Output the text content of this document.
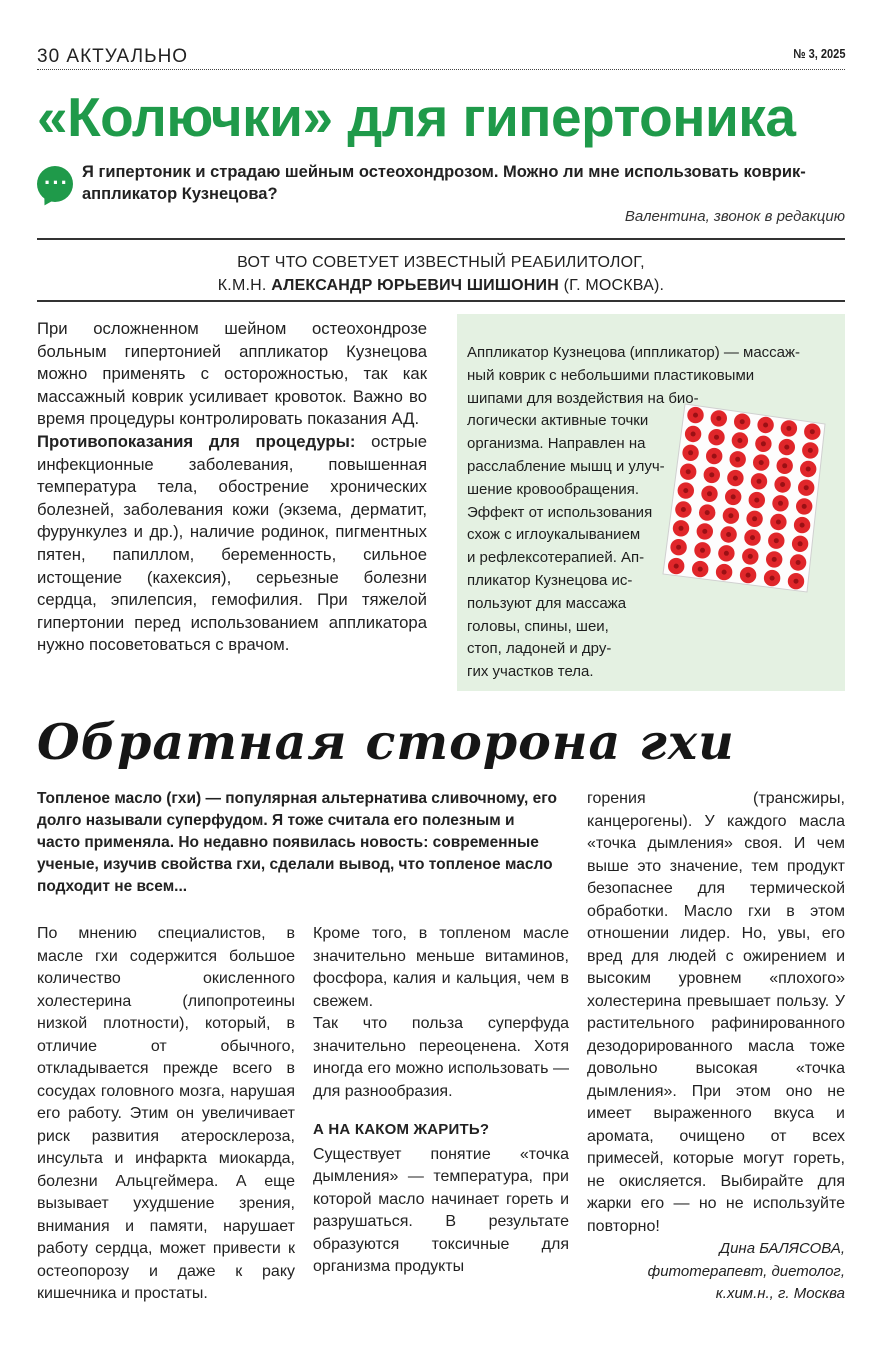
30 АКТУАЛЬНО	№ 3, 2025
«Колючки» для гипертоника
··· Я гипертоник и страдаю шейным остеохондрозом. Можно ли мне использовать коврик-аппликатор Кузнецова?
Валентина, звонок в редакцию
ВОТ ЧТО СОВЕТУЕТ ИЗВЕСТНЫЙ РЕАБИЛИТОЛОГ,
К.М.Н. АЛЕКСАНДР ЮРЬЕВИЧ ШИШОНИН (Г. МОСКВА).

При осложненном шейном остеохондрозе больным гипертонией аппликатор Кузнецова можно применять с осторожностью, так как массажный коврик усиливает кровоток. Важно во время процедуры контролировать показания АД.

Противопоказания для процедуры: острые инфекционные заболевания, повышенная температура тела, обострение хронических болезней, заболевания кожи (экзема, дерматит, фурункулез и др.), наличие родинок, пигментных пятен, папиллом, беременность, сильное истощение (кахексия), серьезные болезни сердца, эпилепсия, гемофилия. При тяжелой гипертонии перед использованием аппликатора нужно посоветоваться с врачом.

Аппликатор Кузнецова (иппликатор) — массаж-
ный коврик с небольшими пластиковыми
шипами для воздействия на био-
логически активные точки
организма. Направлен на
расслабление мышц и улуч-
шение кровообращения.
Эффект от использования
схож с иглоукалыванием
и рефлексотерапией. Ап-
пликатор Кузнецова ис-
пользуют для массажа
головы, спины, шеи,
стоп, ладоней и дру-
гих участков тела.
Обратная сторона гхи
Топленое масло (гхи) — популярная альтернатива сливочному, его долго называли суперфудом. Я тоже считала его полезным и часто применяла. Но недавно появилась новость: современные ученые, изучив свойства гхи, сделали вывод, что топленое масло подходит не всем...
По мнению специалистов, в масле гхи содержится большое количество окисленного холестерина (липопротеины низкой плотности), который, в отличие от обычного, откладывается прежде всего в сосудах головного мозга, нарушая его работу. Этим он увеличивает риск развития атеросклероза, инсульта и инфаркта миокарда, болезни Альцгеймера. А еще вызывает ухудшение зрения, внимания и памяти, нарушает работу сердца, может привести к остеопорозу и даже к раку кишечника и простаты.

Кроме того, в топленом масле значительно меньше витаминов, фосфора, калия и кальция, чем в свежем.

Так что польза суперфуда значительно переоценена. Хотя иногда его можно использовать — для разнообразия.

А НА КАКОМ ЖАРИТЬ?

Существует понятие «точка дымления» — температура, при которой масло начинает гореть и разрушаться. В результате образуются токсичные для организма продукты

горения (трансжиры, канцерогены). У каждого масла «точка дымления» своя. И чем выше это значение, тем продукт безопаснее для термической обработки. Масло гхи в этом отношении лидер. Но, увы, его вред для людей с ожирением и высоким уровнем «плохого» холестерина превышает пользу. У растительного рафинированного дезодорированного масла тоже довольно высокая «точка дымления». При этом оно не имеет выраженного вкуса и аромата, очищено от всех примесей, которые могут гореть, не окисляется. Выбирайте для жарки его — но не используйте повторно!

Дина БАЛЯСОВА,
фитотерапевт, диетолог,
к.хим.н., г. Москва
